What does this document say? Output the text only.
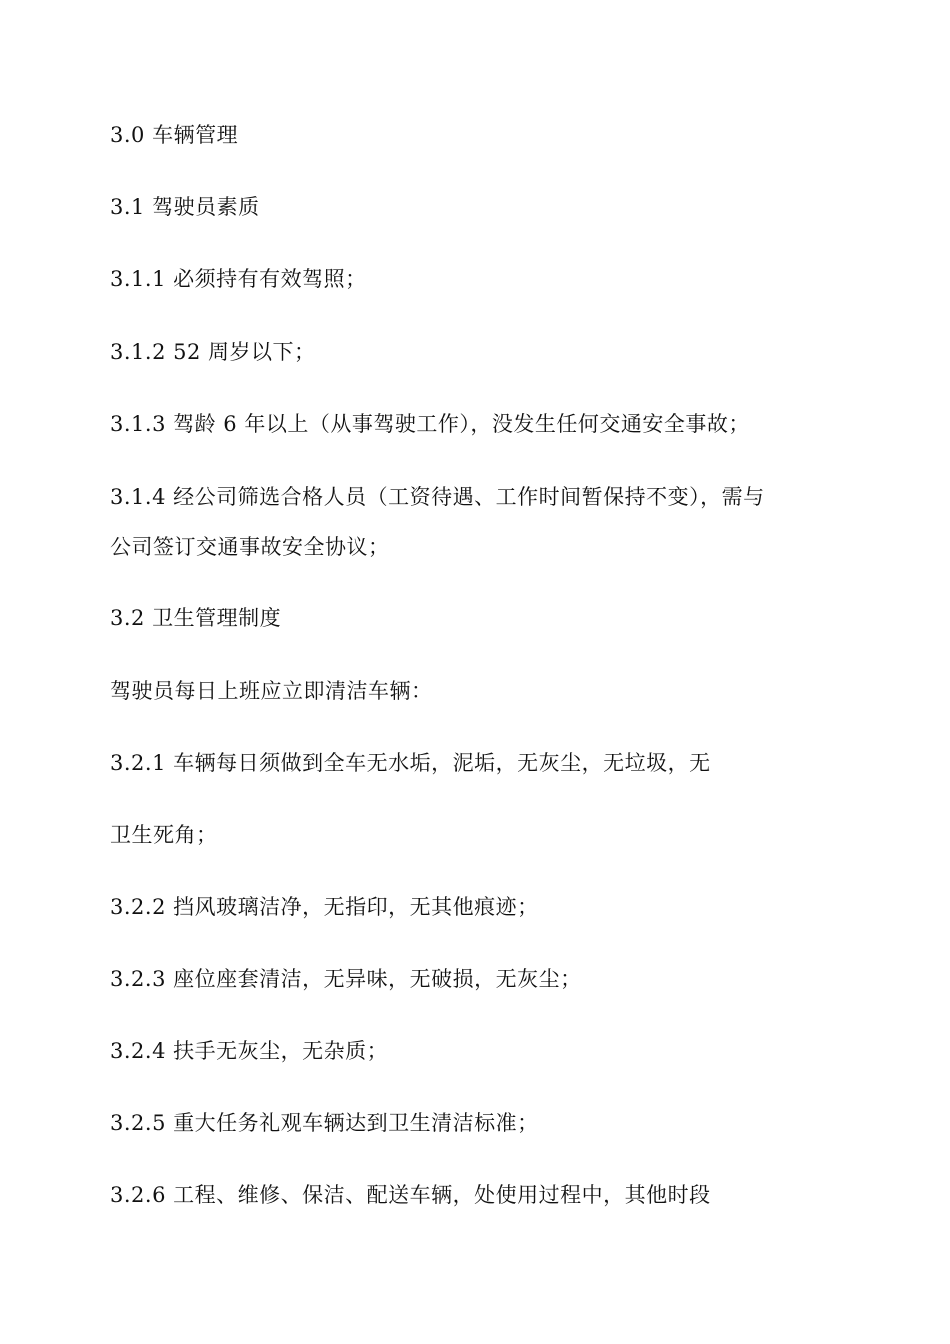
3.0 车辆管理
3.1 驾驶员素质
3.1.1 必须持有有效驾照；
3.1.2 52 周岁以下；
3.1.3 驾龄 6 年以上（从事驾驶工作），没发生任何交通安全事故；
3.1.4 经公司筛选合格人员（工资待遇、工作时间暂保持不变），需与
公司签订交通事故安全协议；
3.2 卫生管理制度
驾驶员每日上班应立即清洁车辆：
3.2.1 车辆每日须做到全车无水垢，泥垢，无灰尘，无垃圾，无
卫生死角；
3.2.2 挡风玻璃洁净，无指印，无其他痕迹；
3.2.3 座位座套清洁，无异味，无破损，无灰尘；
3.2.4 扶手无灰尘，无杂质；
3.2.5 重大任务礼观车辆达到卫生清洁标准；
3.2.6 工程、维修、保洁、配送车辆，处使用过程中，其他时段
